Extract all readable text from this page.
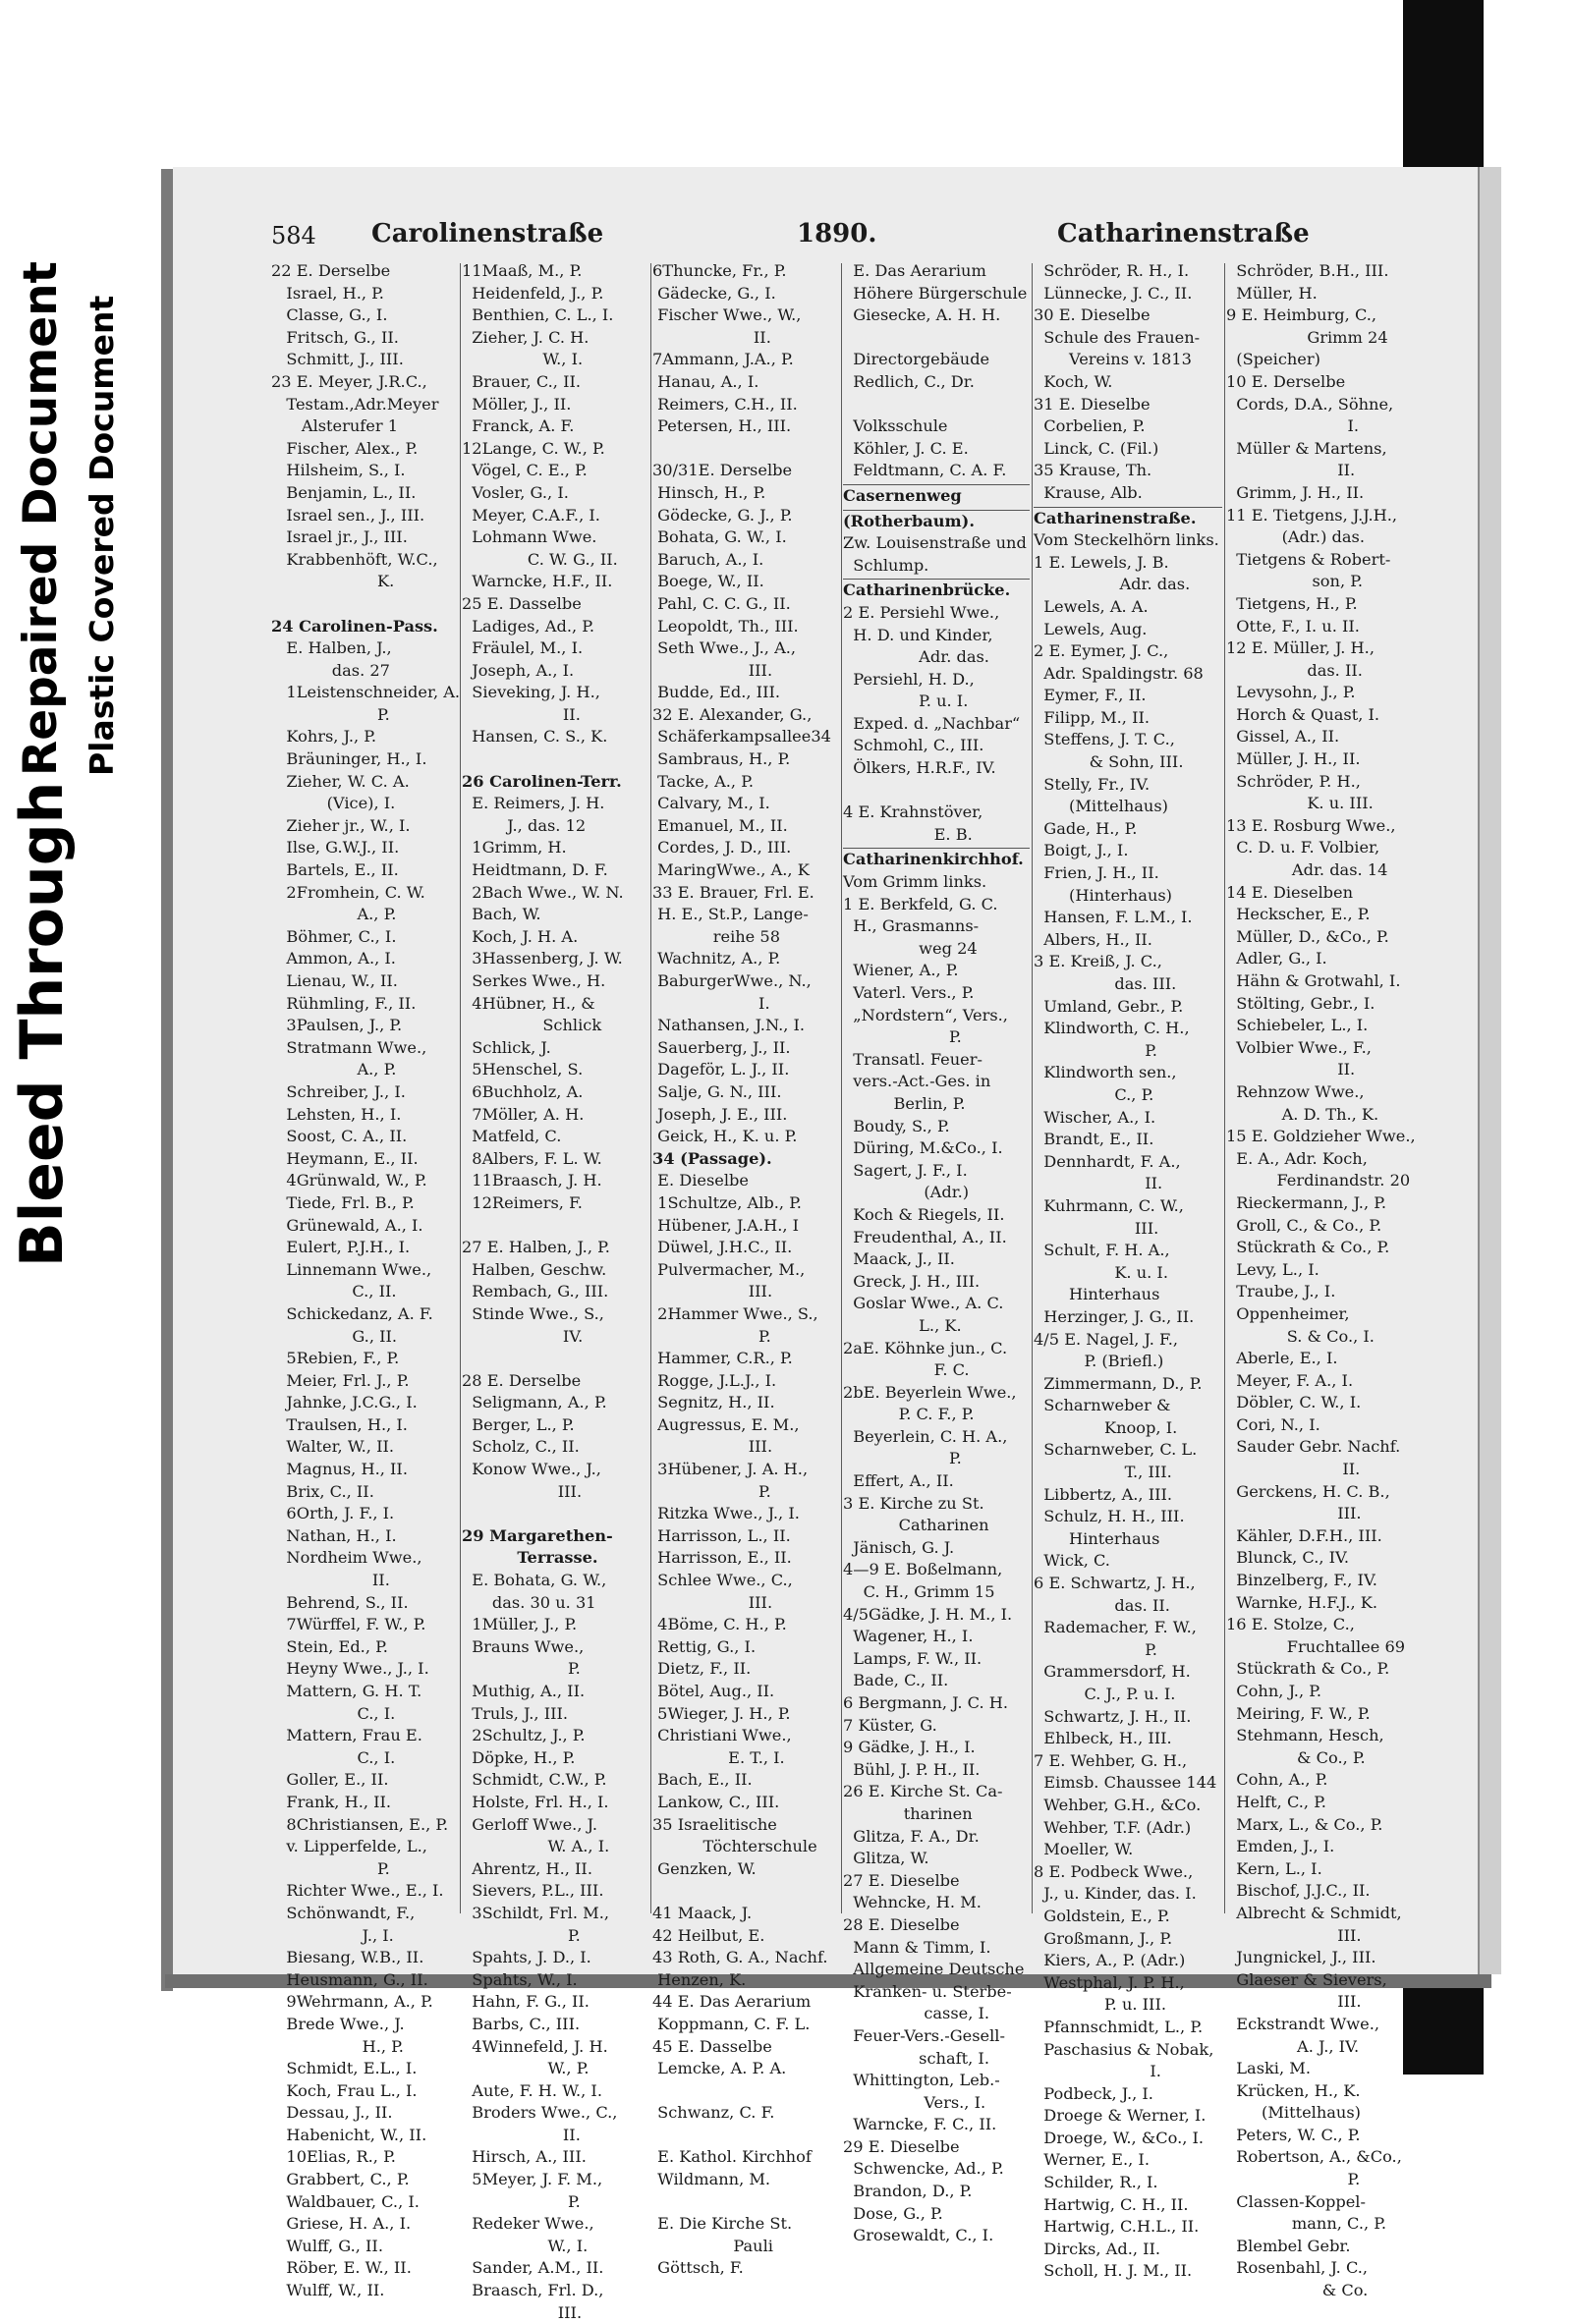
Bleed Through
Repaired Document Plastic Covered Document
584 Carolinenstraße	1890.	Catharinenstraße
22 E. Derselbe
Israel, H., P.
Classe, G., I.
Fritsch, G., II.
Schmitt, J., III.
23 E. Meyer, J.R.C.,
Testam.,Adr.Meyer
Alsterufer 1
Fischer, Alex., P.
Hilsheim, S., I.
Benjamin, L., II.
Israel sen., J., III.
Israel jr., J., III.
Krabbenhöft, W.C.,
K.

24 Carolinen-Pass.
E. Halben, J.,
das. 27
1Leistenschneider, A.
P.
Kohrs, J., P.
Bräuninger, H., I.
Zieher, W. C. A.
(Vice), I.
Zieher jr., W., I.
Ilse, G.W.J., II.
Bartels, E., II.
2Fromhein, C. W.
A., P.
Böhmer, C., I.
Ammon, A., I.
Lienau, W., II.
Rühmling, F., II.
3Paulsen, J., P.
Stratmann Wwe.,
A., P.
Schreiber, J., I.
Lehsten, H., I.
Soost, C. A., II.
Heymann, E., II.
4Grünwald, W., P.
Tiede, Frl. B., P.
Grünewald, A., I.
Eulert, P.J.H., I.
Linnemann Wwe.,
C., II.
Schickedanz, A. F.
G., II.
5Rebien, F., P.
Meier, Frl. J., P.
Jahnke, J.C.G., I.
Traulsen, H., I.
Walter, W., II.
Magnus, H., II.
Brix, C., II.
6Orth, J. F., I.
Nathan, H., I.
Nordheim Wwe.,
II.
Behrend, S., II.
7Würffel, F. W., P.
Stein, Ed., P.
Heyny Wwe., J., I.
Mattern, G. H. T.
C., I.
Mattern, Frau E.
C., I.
Goller, E., II.
Frank, H., II.
8Christiansen, E., P.
v. Lipperfelde, L.,
P.
Richter Wwe., E., I.
Schönwandt, F.,
J., I.
Biesang, W.B., II.
Heusmann, G., II.
9Wehrmann, A., P.
Brede Wwe., J.
H., P.
Schmidt, E.L., I.
Koch, Frau L., I.
Dessau, J., II.
Habenicht, W., II.
10Elias, R., P.
Grabbert, C., P.
Waldbauer, C., I.
Griese, H. A., I.
Wulff, G., II.
Röber, E. W., II.
Wulff, W., II.
11Maaß, M., P.
Heidenfeld, J., P.
Benthien, C. L., I.
Zieher, J. C. H.
W., I.
Brauer, C., II.
Möller, J., II.
Franck, A. F.
12Lange, C. W., P.
Vögel, C. E., P.
Vosler, G., I.
Meyer, C.A.F., I.
Lohmann Wwe.
C. W. G., II.
Warncke, H.F., II.
25 E. Dasselbe
Ladiges, Ad., P.
Fräulel, M., I.
Joseph, A., I.
Sieveking, J. H.,
II.
Hansen, C. S., K.

26 Carolinen-Terr.
E. Reimers, J. H.
J., das. 12
1Grimm, H.
Heidtmann, D. F.
2Bach Wwe., W. N.
Bach, W.
Koch, J. H. A.
3Hassenberg, J. W.
Serkes Wwe., H.
4Hübner, H., &
Schlick
Schlick, J.
5Henschel, S.
6Buchholz, A.
7Möller, A. H.
Matfeld, C.
8Albers, F. L. W.
11Braasch, J. H.
12Reimers, F.

27 E. Halben, J., P.
Halben, Geschw.
Rembach, G., III.
Stinde Wwe., S.,
IV.

28 E. Derselbe
Seligmann, A., P.
Berger, L., P.
Scholz, C., II.
Konow Wwe., J.,
III.

29 Margarethen-
Terrasse.
E. Bohata, G. W.,
das. 30 u. 31
1Müller, J., P.
Brauns Wwe.,
P.
Muthig, A., II.
Truls, J., III.
2Schultz, J., P.
Döpke, H., P.
Schmidt, C.W., P.
Holste, Frl. H., I.
Gerloff Wwe., J.
W. A., I.
Ahrentz, H., II.
Sievers, P.L., III.
3Schildt, Frl. M.,
P.
Spahts, J. D., I.
Spahts, W., I.
Hahn, F. G., II.
Barbs, C., III.
4Winnefeld, J. H.
W., P.
Aute, F. H. W., I.
Broders Wwe., C.,
II.
Hirsch, A., III.
5Meyer, J. F. M.,
P.
Redeker Wwe.,
W., I.
Sander, A.M., II.
Braasch, Frl. D.,
III.
6Thuncke, Fr., P.
Gädecke, G., I.
Fischer Wwe., W.,
II.
7Ammann, J.A., P.
Hanau, A., I.
Reimers, C.H., II.
Petersen, H., III.

30/31E. Derselbe
Hinsch, H., P.
Gödecke, G. J., P.
Bohata, G. W., I.
Baruch, A., I.
Boege, W., II.
Pahl, C. C. G., II.
Leopoldt, Th., III.
Seth Wwe., J., A.,
III.
Budde, Ed., III.
32 E. Alexander, G.,
Schäferkampsallee34
Sambraus, H., P.
Tacke, A., P.
Calvary, M., I.
Emanuel, M., II.
Cordes, J. D., III.
MaringWwe., A., K
33 E. Brauer, Frl. E.
H. E., St.P., Lange-
reihe 58
Wachnitz, A., P.
BaburgerWwe., N.,
I.
Nathansen, J.N., I.
Sauerberg, J., II.
Dageför, L. J., II.
Salje, G. N., III.
Joseph, J. E., III.
Geick, H., K. u. P.
34 (Passage).
E. Dieselbe
1Schultze, Alb., P.
Hübener, J.A.H., I
Düwel, J.H.C., II.
Pulvermacher, M.,
III.
2Hammer Wwe., S.,
P.
Hammer, C.R., P.
Rogge, J.L.J., I.
Segnitz, H., II.
Augressus, E. M.,
III.
3Hübener, J. A. H.,
P.
Ritzka Wwe., J., I.
Harrisson, L., II.
Harrisson, E., II.
Schlee Wwe., C.,
III.
4Böme, C. H., P.
Rettig, G., I.
Dietz, F., II.
Bötel, Aug., II.
5Wieger, J. H., P.
Christiani Wwe.,
E. T., I.
Bach, E., II.
Lankow, C., III.
35 Israelitische
Töchterschule
Genzken, W.

41 Maack, J.
42 Heilbut, E.
43 Roth, G. A., Nachf.
Henzen, K.
44 E. Das Aerarium
Koppmann, C. F. L.
45 E. Dasselbe
Lemcke, A. P. A.

Schwanz, C. F.

E. Kathol. Kirchhof
Wildmann, M.

E. Die Kirche St.
Pauli
Göttsch, F.
E. Das Aerarium
Höhere Bürgerschule
Giesecke, A. H. H.

Directorgebäude
Redlich, C., Dr.

Volksschule
Köhler, J. C. E.
Feldtmann, C. A. F.
Casernenweg
(Rotherbaum).
Zw. Louisenstraße und
Schlump.
Catharinenbrücke.
2 E. Persiehl Wwe.,
H. D. und Kinder,
Adr. das.
Persiehl, H. D.,
P. u. I.
Exped. d. „Nachbar“
Schmohl, C., III.
Ölkers, H.R.F., IV.

4 E. Krahnstöver,
E. B.
Catharinenkirchhof.
Vom Grimm links.
1 E. Berkfeld, G. C.
H., Grasmanns-
weg 24
Wiener, A., P.
Vaterl. Vers., P.
„Nordstern“, Vers.,
P.
Transatl. Feuer-
vers.-Act.-Ges. in
Berlin, P.
Boudy, S., P.
Düring, M.&Co., I.
Sagert, J. F., I.
(Adr.)
Koch & Riegels, II.
Freudenthal, A., II.
Maack, J., II.
Greck, J. H., III.
Goslar Wwe., A. C.
L., K.
2aE. Köhnke jun., C.
F. C.
2bE. Beyerlein Wwe.,
P. C. F., P.
Beyerlein, C. H. A.,
P.
Effert, A., II.
3 E. Kirche zu St.
Catharinen
Jänisch, G. J.
4—9 E. Boßelmann,
C. H., Grimm 15
4/5Gädke, J. H. M., I.
Wagener, H., I.
Lamps, F. W., II.
Bade, C., II.
6 Bergmann, J. C. H.
7 Küster, G.
9 Gädke, J. H., I.
Bühl, J. P. H., II.
26 E. Kirche St. Ca-
tharinen
Glitza, F. A., Dr.
Glitza, W.
27 E. Dieselbe
Wehncke, H. M.
28 E. Dieselbe
Mann & Timm, I.
Allgemeine Deutsche
Kranken- u. Sterbe-
casse, I.
Feuer-Vers.-Gesell-
schaft, I.
Whittington, Leb.-
Vers., I.
Warncke, F. C., II.
29 E. Dieselbe
Schwencke, Ad., P.
Brandon, D., P.
Dose, G., P.
Grosewaldt, C., I.
Schröder, R. H., I.
Lünnecke, J. C., II.
30 E. Dieselbe
Schule des Frauen-
Vereins v. 1813
Koch, W.
31 E. Dieselbe
Corbelien, P.
Linck, C. (Fil.)
35 Krause, Th.
Krause, Alb.
Catharinenstraße.
Vom Steckelhörn links.
1 E. Lewels, J. B.
Adr. das.
Lewels, A. A.
Lewels, Aug.
2 E. Eymer, J. C.,
Adr. Spaldingstr. 68
Eymer, F., II.
Filipp, M., II.
Steffens, J. T. C.,
& Sohn, III.
Stelly, Fr., IV.
(Mittelhaus)
Gade, H., P.
Boigt, J., I.
Frien, J. H., II.
(Hinterhaus)
Hansen, F. L.M., I.
Albers, H., II.
3 E. Kreiß, J. C.,
das. III.
Umland, Gebr., P.
Klindworth, C. H.,
P.
Klindworth sen.,
C., P.
Wischer, A., I.
Brandt, E., II.
Dennhardt, F. A.,
II.
Kuhrmann, C. W.,
III.
Schult, F. H. A.,
K. u. I.
Hinterhaus
Herzinger, J. G., II.
4/5 E. Nagel, J. F.,
P. (Briefl.)
Zimmermann, D., P.
Scharnweber &
Knoop, I.
Scharnweber, C. L.
T., III.
Libbertz, A., III.
Schulz, H. H., III.
Hinterhaus
Wick, C.
6 E. Schwartz, J. H.,
das. II.
Rademacher, F. W.,
P.
Grammersdorf, H.
C. J., P. u. I.
Schwartz, J. H., II.
Ehlbeck, H., III.
7 E. Wehber, G. H.,
Eimsb. Chaussee 144
Wehber, G.H., &Co.
Wehber, T.F. (Adr.)
Moeller, W.
8 E. Podbeck Wwe.,
J., u. Kinder, das. I.
Goldstein, E., P.
Großmann, J., P.
Kiers, A., P. (Adr.)
Westphal, J. P. H.,
P. u. III.
Pfannschmidt, L., P.
Paschasius & Nobak,
I.
Podbeck, J., I.
Droege & Werner, I.
Droege, W., &Co., I.
Werner, E., I.
Schilder, R., I.
Hartwig, C. H., II.
Hartwig, C.H.L., II.
Dircks, Ad., II.
Scholl, H. J. M., II.
Schröder, B.H., III.
Müller, H.
9 E. Heimburg, C.,
Grimm 24
(Speicher)
10 E. Derselbe
Cords, D.A., Söhne,
I.
Müller & Martens,
II.
Grimm, J. H., II.
11 E. Tietgens, J.J.H.,
(Adr.) das.
Tietgens & Robert-
son, P.
Tietgens, H., P.
Otte, F., I. u. II.
12 E. Müller, J. H.,
das. II.
Levysohn, J., P.
Horch & Quast, I.
Gissel, A., II.
Müller, J. H., II.
Schröder, P. H.,
K. u. III.
13 E. Rosburg Wwe.,
C. D. u. F. Volbier,
Adr. das. 14
14 E. Dieselben
Heckscher, E., P.
Müller, D., &Co., P.
Adler, G., I.
Hähn & Grotwahl, I.
Stölting, Gebr., I.
Schiebeler, L., I.
Volbier Wwe., F.,
II.
Rehnzow Wwe.,
A. D. Th., K.
15 E. Goldzieher Wwe.,
E. A., Adr. Koch,
Ferdinandstr. 20
Rieckermann, J., P.
Groll, C., & Co., P.
Stückrath & Co., P.
Levy, L., I.
Traube, J., I.
Oppenheimer,
S. & Co., I.
Aberle, E., I.
Meyer, F. A., I.
Döbler, C. W., I.
Cori, N., I.
Sauder Gebr. Nachf.
II.
Gerckens, H. C. B.,
III.
Kähler, D.F.H., III.
Blunck, C., IV.
Binzelberg, F., IV.
Warnke, H.F.J., K.
16 E. Stolze, C.,
Fruchtallee 69
Stückrath & Co., P.
Cohn, J., P.
Meiring, F. W., P.
Stehmann, Hesch,
& Co., P.
Cohn, A., P.
Helft, C., P.
Marx, L., & Co., P.
Emden, J., I.
Kern, L., I.
Bischof, J.J.C., II.
Albrecht & Schmidt,
III.
Jungnickel, J., III.
Glaeser & Sievers,
III.
Eckstrandt Wwe.,
A. J., IV.
Laski, M.
Krücken, H., K.
(Mittelhaus)
Peters, W. C., P.
Robertson, A., &Co.,
P.
Classen-Koppel-
mann, C., P.
Blembel Gebr.
Rosenbahl, J. C.,
& Co.
